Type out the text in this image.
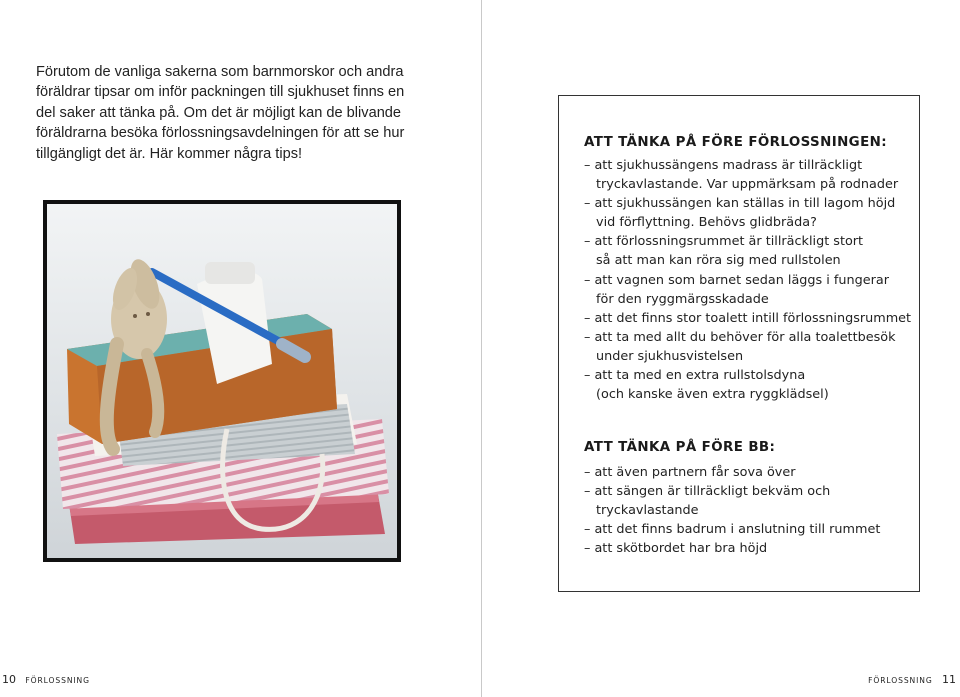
Förutom de vanliga sakerna som barnmorskor och andra
föräldrar tipsar om inför packningen till sjukhuset finns en
del saker att tänka på. Om det är möjligt kan de blivande
föräldrarna besöka förlossningsavdelningen för att se hur
tillgängligt det är. Här kommer några tips!

10 FÖRLOSSNING
ATT TÄNKA PÅ FÖRE FÖRLOSSNINGEN:
– att sjukhussängens madrass är tillräckligt
tryckavlastande. Var uppmärksam på rodnader
– att sjukhussängen kan ställas in till lagom höjd
vid förflyttning. Behövs glidbräda?
– att förlossningsrummet är tillräckligt stort
så att man kan röra sig med rullstolen
– att vagnen som barnet sedan läggs i fungerar
för den ryggmärgsskadade
– att det finns stor toalett intill förlossningsrummet
– att ta med allt du behöver för alla toalettbesök
under sjukhusvistelsen
– att ta med en extra rullstolsdyna
(och kanske även extra ryggklädsel)
ATT TÄNKA PÅ FÖRE BB:
– att även partnern får sova över
– att sängen är tillräckligt bekväm och
tryckavlastande
– att det finns badrum i anslutning till rummet
– att skötbordet har bra höjd
FÖRLOSSNING 11
